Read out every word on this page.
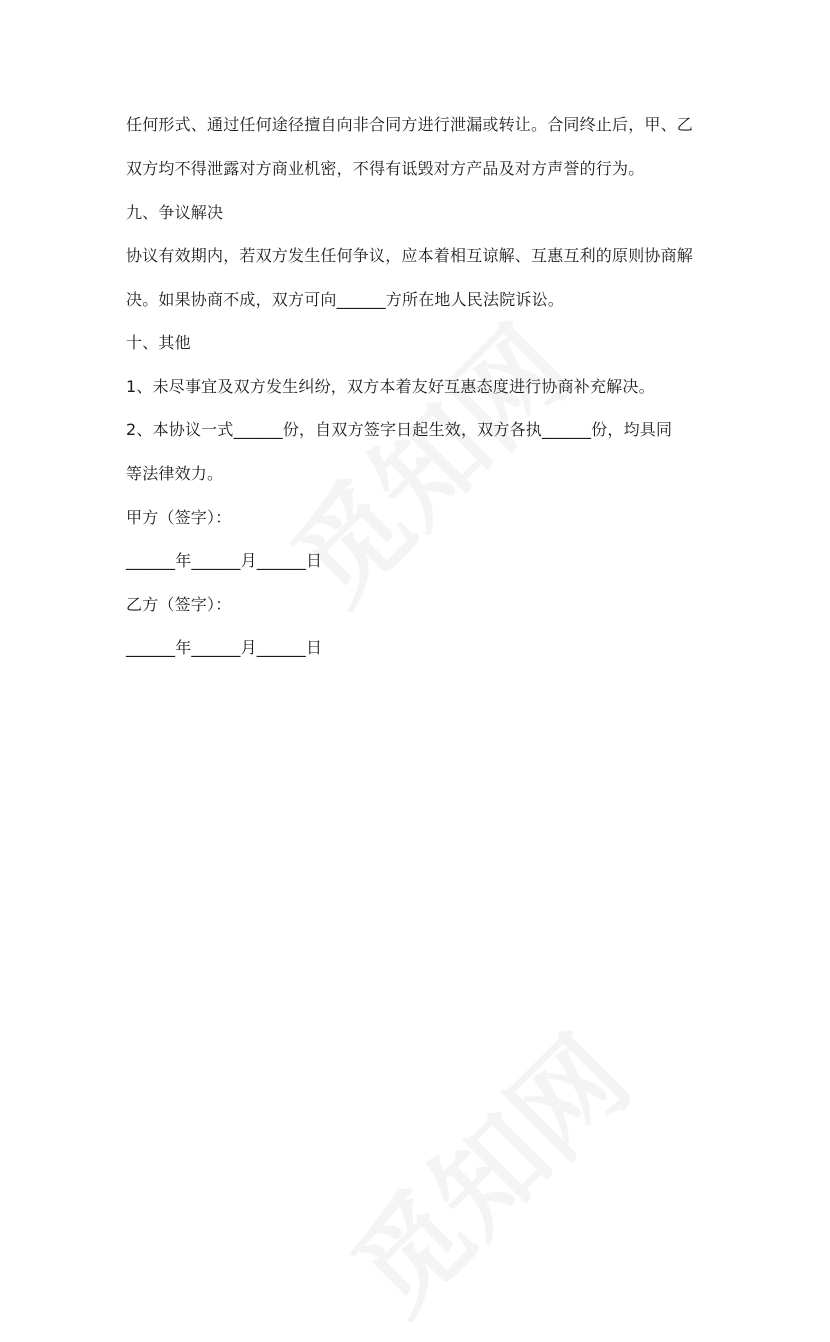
任何形式、通过任何途径擅自向非合同方进行泄漏或转让。合同终止后，甲、乙
双方均不得泄露对方商业机密，不得有诋毁对方产品及对方声誉的行为。
九、争议解决
协议有效期内，若双方发生任何争议，应本着相互谅解、互惠互利的原则协商解
决。如果协商不成，双方可向______方所在地人民法院诉讼。
十、其他
1、未尽事宜及双方发生纠纷，双方本着友好互惠态度进行协商补充解决。
2、本协议一式______份，自双方签字日起生效，双方各执______份，均具同
等法律效力。
甲方（签字）：
______年______月______日
乙方（签字）：
______年______月______日
